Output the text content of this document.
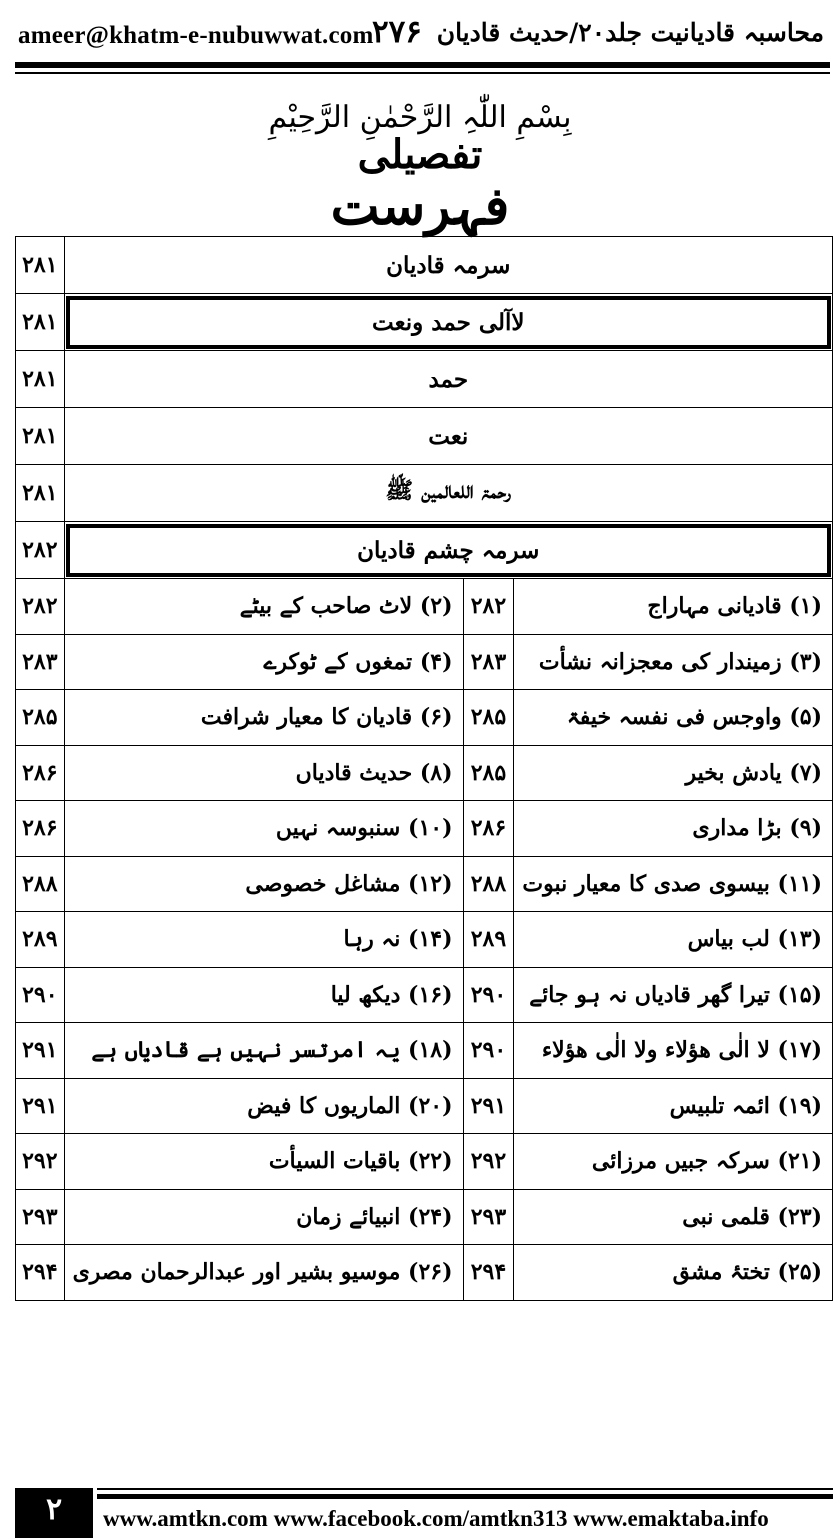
ameer@khatm-e-nubuwwat.com
۲۷۶ محاسبہ قادیانیت جلد۲۰/حدیث قادیان
بِسْمِ اللّٰہِ الرَّحْمٰنِ الرَّحِیْمِ
تفصیلی
فہرست
۲۸۱	سرمہ قادیان		
۲۸۱	لاآلی حمد ونعت		
۲۸۱	حمد		
۲۸۱	نعت		
۲۸۱	رحمۃ اللعالمین ﷺ		
۲۸۲	سرمہ چشم قادیان		
۲۸۲	(۲) لاٹ صاحب کے بیٹے	۲۸۲	(۱) قادیانی مہاراج
۲۸۳	(۴) تمغوں کے ٹوکرے	۲۸۳	(۳) زمیندار کی معجزانہ نشأت
۲۸۵	(۶) قادیان کا معیار شرافت	۲۸۵	(۵) واوجس فی نفسہ خیفۃ
۲۸۶	(۸) حدیث قادیاں	۲۸۵	(۷) یادش بخیر
۲۸۶	(۱۰) سنبوسہ نہیں	۲۸۶	(۹) بڑا مداری
۲۸۸	(۱۲) مشاغل خصوصی	۲۸۸	(۱۱) بیسوی صدی کا معیار نبوت
۲۸۹	(۱۴) نہ رہا	۲۸۹	(۱۳) لب بیاس
۲۹۰	(۱۶) دیکھ لیا	۲۹۰	(۱۵) تیرا گھر قادیاں نہ ہو جائے
۲۹۱	(۱۸) یہ امرتسر نہیں ہے قادیاں ہے	۲۹۰	(۱۷) لا الٰی ھؤلاء ولا الٰی ھؤلاء
۲۹۱	(۲۰) الماریوں کا فیض	۲۹۱	(۱۹) ائمہ تلبیس
۲۹۲	(۲۲) باقیات السیأت	۲۹۲	(۲۱) سرکہ جبیں مرزائی
۲۹۳	(۲۴) انبیائے زمان	۲۹۳	(۲۳) قلمی نبی
۲۹۴	(۲۶) موسیو بشیر اور عبدالرحمان مصری	۲۹۴	(۲۵) تختۂ مشق
۲	www.amtkn.com www.facebook.com/amtkn313 www.emaktaba.info
